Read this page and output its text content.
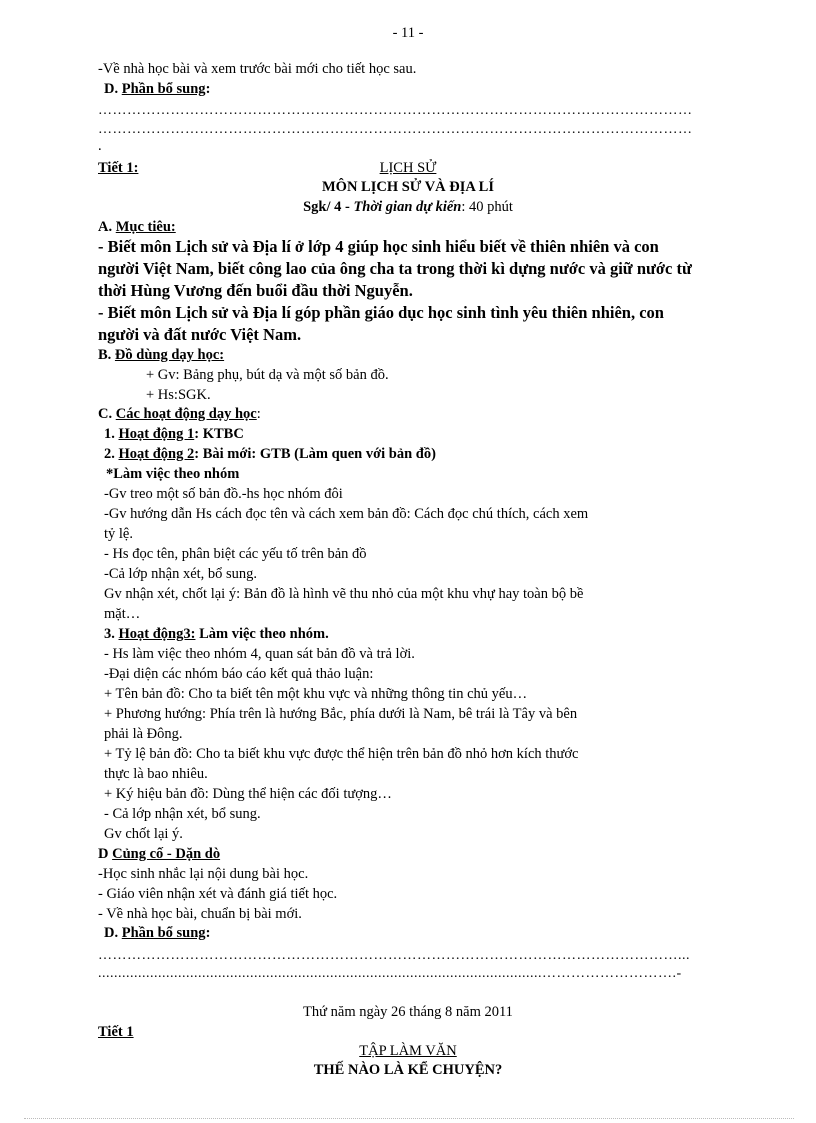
- 11 -
-Về nhà học bài và xem trước bài mới cho tiết học sau.
D. Phần bổ sung:
……………………………………………………………………………………………………………
……………………………………………………………………………………………………………
.
Tiết 1:	LỊCH SỬ
MÔN LỊCH SỬ VÀ ĐỊA LÍ
Sgk/ 4 - Thời gian dự kiến: 40 phút
A. Mục tiêu:
- Biết môn Lịch sử và Địa lí ở lớp 4 giúp học sinh hiểu biết về thiên nhiên và con
người Việt Nam, biết công lao của ông cha ta trong thời kì dựng nước và giữ nước từ
thời Hùng Vương đến buổi đầu thời Nguyễn.
- Biết môn Lịch sử và Địa lí góp phần giáo dục học sinh tình yêu thiên nhiên, con
người và đất nước Việt Nam.
B. Đồ dùng dạy học:
+ Gv: Bảng phụ, bút dạ và một số bản đồ.
+ Hs:SGK.
C. Các hoạt động dạy học:
1. Hoạt động 1: KTBC
2. Hoạt động 2: Bài mới: GTB (Làm quen với bản đồ)
*Làm việc theo nhóm
-Gv treo một số bản đồ.-hs học nhóm đôi
-Gv hướng dẫn Hs cách đọc tên và cách xem bản đồ: Cách đọc chú thích, cách xem
tỷ lệ.
- Hs đọc tên, phân biệt các yếu tố trên bản đồ
-Cả lớp nhận xét, bổ sung.
Gv nhận xét, chốt lại ý: Bản đồ là hình vẽ thu nhỏ của một khu vhự hay toàn bộ bề
mặt…
3. Hoạt động3: Làm việc theo nhóm.
- Hs làm việc theo nhóm 4, quan sát bản đồ và trả lời.
-Đại diện các nhóm báo cáo kết quả thảo luận:
+ Tên bản đồ: Cho ta biết tên một khu vực và những thông tin chủ yếu…
+ Phương hướng: Phía trên là hướng Bắc, phía dưới là Nam, bê trái là Tây và bên
phải là Đông.
+ Tỷ lệ bản đồ: Cho ta biết khu vực được thể hiện trên bản đồ nhỏ hơn kích thước
thực là bao nhiêu.
+ Ký hiệu bản đồ: Dùng thể hiện các đối tượng…
- Cả lớp nhận xét, bổ sung.
Gv chốt lại ý.
D Củng cố - Dặn dò
-Học sinh nhắc lại nội dung bài học.
- Giáo viên nhận xét và đánh giá tiết học.
- Về nhà học bài, chuẩn bị bài mới.
D. Phần bổ sung:
…………………………………………………………………………………………………………...
...............................................................................................................……………………….-
Thứ năm ngày 26 tháng 8 năm 2011
Tiết 1
TẬP LÀM VĂN
THẾ NÀO LÀ KỂ CHUYỆN?
